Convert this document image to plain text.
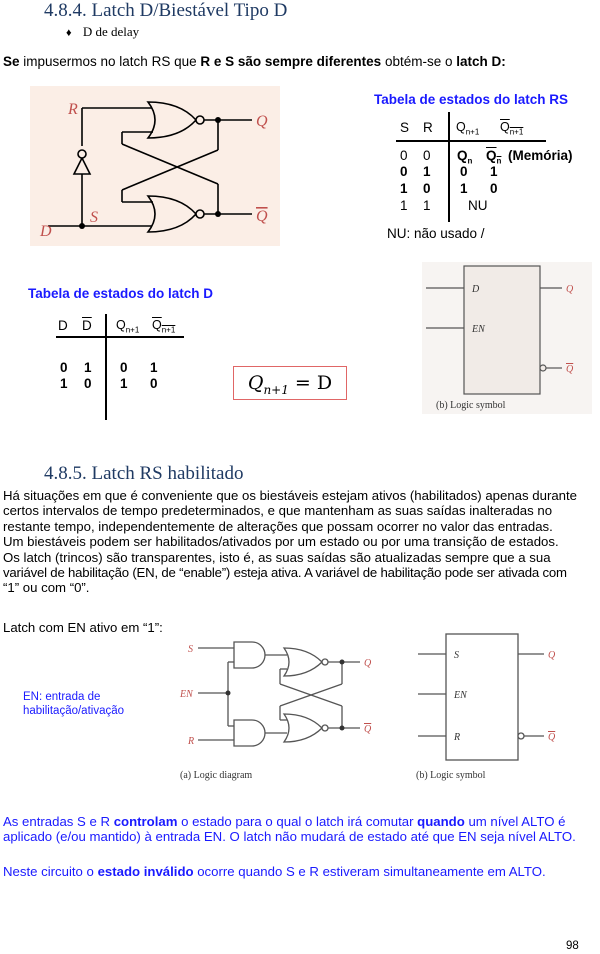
4.8.4. Latch D/Biestável Tipo D
♦ D de delay
Se impusermos no latch RS que R e S são sempre diferentes obtém-se o latch D:
R
S
D
Q
Q
Tabela de estados do latch RS
S R $Q_{n+1}$ $Q_{n+1}$
0 0 $Q_n$ $Q_n$ (Memória)
0 1 0 1
1 0 1 0
1 1	NU
NU: não usado /
Tabela de estados do latch D
D $\overline{D}$ $Q_{n+1}$ $Q_{n+1}$
0 1 0 1
1 0 1 0	$Q_{n+1} = D$
D
EN
Q
Q
(b) Logic symbol
4.8.5. Latch RS habilitado
Há situações em que é conveniente que os biestáveis estejam ativos (habilitados) apenas durante
certos intervalos de tempo predeterminados, e que mantenham as suas saídas inalteradas no
restante tempo, independentemente de alterações que possam ocorrer no valor das entradas.
Um biestáveis podem ser habilitados/ativados por um estado ou por uma transição de estados.
Os latch (trincos) são transparentes, isto é, as suas saídas são atualizadas sempre que a sua
variável de habilitação (EN, de “enable”) esteja ativa. A variável de habilitação pode ser ativada com
“1” ou com “0”.
Latch com EN ativo em “1”:
S
EN
R
Q
Q
(a) Logic diagram
EN: entrada de
habilitação/ativação
S
EN
R
Q
Q
(b) Logic symbol
As entradas S e R controlam o estado para o qual o latch irá comutar quando um nível ALTO é
aplicado (e/ou mantido) à entrada EN. O latch não mudará de estado até que EN seja nível ALTO.
Neste circuito o estado inválido ocorre quando S e R estiveram simultaneamente em ALTO.
98
